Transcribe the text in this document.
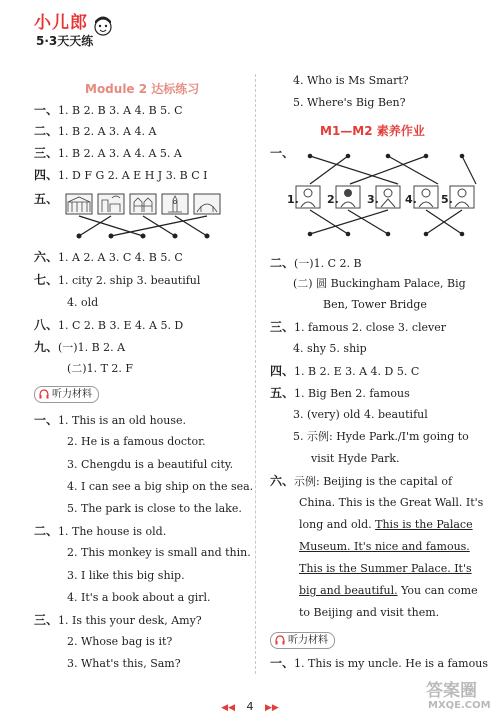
小儿郎
5·3天天练
Module 2 达标练习
一、1. B 2. B 3. A 4. B 5. C
二、1. B 2. A 3. A 4. A
三、1. B 2. A 3. A 4. A 5. A
四、1. D F G 2. A E H J 3. B C I
五、
六、1. A 2. A 3. C 4. B 5. C
七、1. city 2. ship 3. beautiful
4. old
八、1. C 2. B 3. E 4. A 5. D
九、(一)1. B 2. A
(二)1. T 2. F
听力材料
一、1. This is an old house.
2. He is a famous doctor.
3. Chengdu is a beautiful city.
4. I can see a big ship on the sea.
5. The park is close to the lake.
二、1. The house is old.
2. This monkey is small and thin.
3. I like this big ship.
4. It's a book about a girl.
三、1. Is this your desk, Amy?
2. Whose bag is it?
3. What's this, Sam?
4. Who is Ms Smart?
5. Where's Big Ben?
M1—M2 素养作业
一、
1.	2.	3. 4. 5.
二、(一)1. C 2. B
(二) 圆 Buckingham Palace, Big
Ben, Tower Bridge
三、1. famous 2. close 3. clever
4. shy 5. ship
四、1. B 2. E 3. A 4. D 5. C
五、1. Big Ben 2. famous
3. (very) old 4. beautiful
5. 示例: Hyde Park./I'm going to
visit Hyde Park.
六、示例: Beijing is the capital of
China. This is the Great Wall. It's
long and old. This is the Palace
Museum. It's nice and famous.
This is the Summer Palace. It's
big and beautiful. You can come
to Beijing and visit them.
听力材料
一、1. This is my uncle. He is a famous
◀◀ 4 ▶▶
答案圈
MXQE.COM
